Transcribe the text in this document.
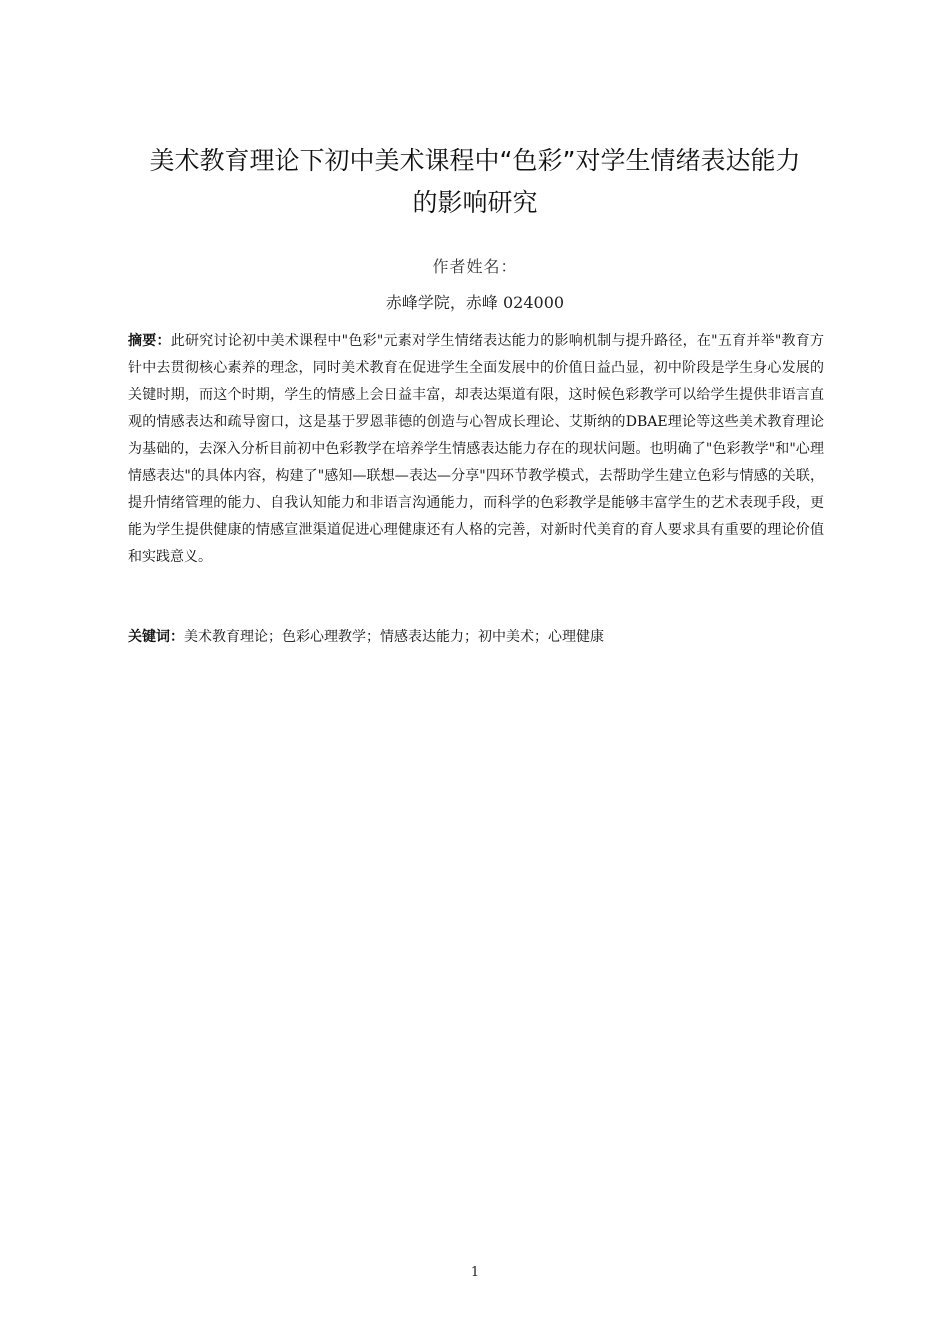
美术教育理论下初中美术课程中“色彩”对学生情绪表达能力
的影响研究
作者姓名：
赤峰学院，赤峰 024000

摘要：此研究讨论初中美术课程中"色彩"元素对学生情绪表达能力的影响机制与提升路径，在"五育并举"教育方针中去贯彻核心素养的理念，同时美术教育在促进学生全面发展中的价值日益凸显，初中阶段是学生身心发展的关键时期，而这个时期，学生的情感上会日益丰富，却表达渠道有限，这时候色彩教学可以给学生提供非语言直观的情感表达和疏导窗口，这是基于罗恩菲德的创造与心智成长理论、艾斯纳的DBAE理论等这些美术教育理论为基础的，去深入分析目前初中色彩教学在培养学生情感表达能力存在的现状问题。也明确了"色彩教学"和"心理情感表达"的具体内容，构建了"感知—联想—表达—分享"四环节教学模式，去帮助学生建立色彩与情感的关联，提升情绪管理的能力、自我认知能力和非语言沟通能力，而科学的色彩教学是能够丰富学生的艺术表现手段，更能为学生提供健康的情感宣泄渠道促进心理健康还有人格的完善，对新时代美育的育人要求具有重要的理论价值和实践意义。

关键词：美术教育理论；色彩心理教学；情感表达能力；初中美术；心理健康

1
